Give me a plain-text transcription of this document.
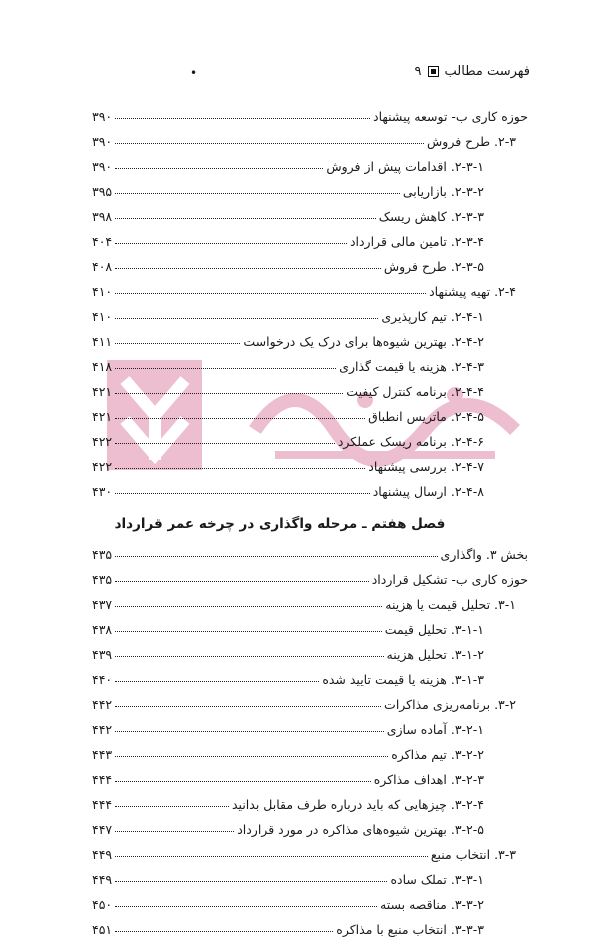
فهرست مطالب
۹
•
حوزه کاری ب- توسعه پیشنهاد
۳۹۰
۲-۳. طرح فروش
۳۹۰
۲-۳-۱. اقدامات پیش از فروش
۳۹۰
۲-۳-۲. بازاریابی
۳۹۵
۲-۳-۳. کاهش ریسک
۳۹۸
۲-۳-۴. تامین مالی قرارداد
۴۰۴
۲-۳-۵. طرح فروش
۴۰۸
۲-۴. تهیه پیشنهاد
۴۱۰
۲-۴-۱. تیم کارپذیری
۴۱۰
۲-۴-۲. بهترین شیوه‌ها برای درک یک درخواست
۴۱۱
۲-۴-۳. هزینه یا قیمت گذاری
۴۱۸
۲-۴-۴. برنامه کنترل کیفیت
۴۲۱
۲-۴-۵. ماتریس انطباق
۴۲۱
۲-۴-۶. برنامه ریسک عملکرد
۴۲۲
۲-۴-۷. بررسی پیشنهاد
۴۲۲
۲-۴-۸. ارسال پیشنهاد
۴۳۰
فصل هفتم ـ مرحله واگذاری در چرخه عمر قرارداد
بخش ۳. واگذاری
۴۳۵
حوزه کاری ب- تشکیل قرارداد
۴۳۵
۳-۱. تحلیل قیمت یا هزینه
۴۳۷
۳-۱-۱. تحلیل قیمت
۴۳۸
۳-۱-۲. تحلیل هزینه
۴۳۹
۳-۱-۳. هزینه یا قیمت تایید شده
۴۴۰
۳-۲. برنامه‌ریزی مذاکرات
۴۴۲
۳-۲-۱. آماده سازی
۴۴۲
۳-۲-۲. تیم مذاکره
۴۴۳
۳-۲-۳. اهداف مذاکره
۴۴۴
۳-۲-۴. چیزهایی که باید درباره طرف مقابل بدانید
۴۴۴
۳-۲-۵. بهترین شیوه‌های مذاکره در مورد قرارداد
۴۴۷
۳-۳. انتخاب منبع
۴۴۹
۳-۳-۱. تملک ساده
۴۴۹
۳-۳-۲. مناقصه بسته
۴۵۰
۳-۳-۳. انتخاب منبع با مذاکره
۴۵۱
